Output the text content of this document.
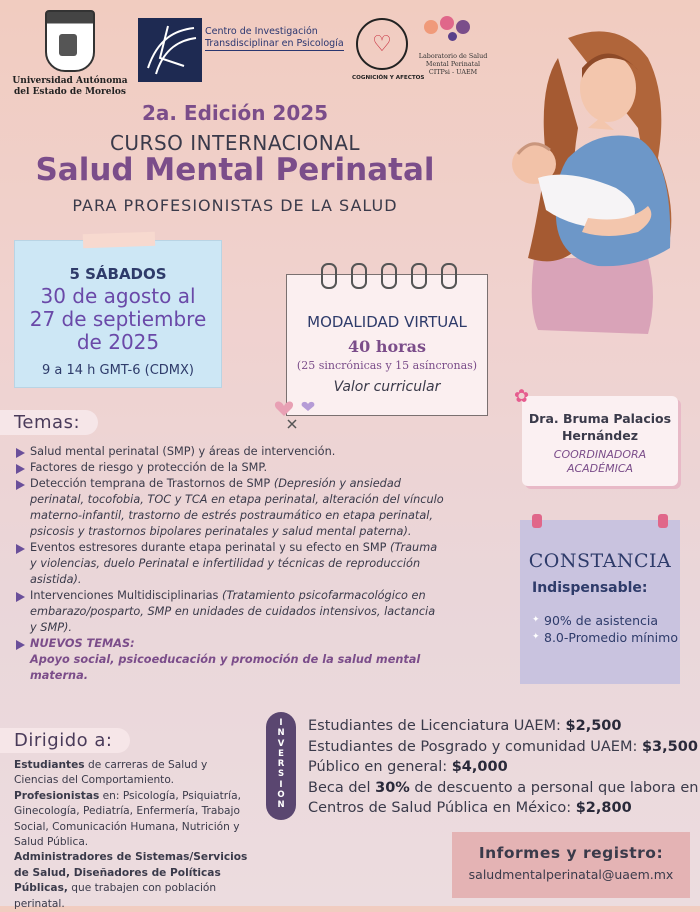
Universidad Autónoma del Estado de Morelos
Centro de Investigación
Transdisciplinar en Psicología	♡
COGNICIÓN Y AFECTOS
Laboratorio de Salud
Mental Perinatal
CITPsi - UAEM
2a. Edición 2025
CURSO INTERNACIONAL
Salud Mental Perinatal
PARA PROFESIONISTAS DE LA SALUD
5 SÁBADOS
30 de agosto al
27 de septiembre
de 2025
9 a 14 h GMT-6 (CDMX)
MODALIDAD VIRTUAL
40 horas
(25 sincrónicas y 15 asíncronas)
Valor curricular	✿
Dra. Bruma Palacios
Hernández
COORDINADORA
ACADÉMICA
Temas:
Salud mental perinatal (SMP) y áreas de intervención.
Factores de riesgo y protección de la SMP.
Detección temprana de Trastornos de SMP (Depresión y ansiedad perinatal, tocofobia, TOC y TCA en etapa perinatal, alteración del vínculo materno-infantil, trastorno de estrés postraumático en etapa perinatal, psicosis y trastornos bipolares perinatales y salud mental paterna).
Eventos estresores durante etapa perinatal y su efecto en SMP (Trauma y violencias, duelo Perinatal e infertilidad y técnicas de reproducción asistida).
Intervenciones Multidisciplinarias (Tratamiento psicofarmacológico en embarazo/posparto, SMP en unidades de cuidados intensivos, lactancia y SMP).
NUEVOS TEMAS:
Apoyo social, psicoeducación y promoción de la salud mental materna.
CONSTANCIA
Indispensable:
✦ 90% de asistencia
✦ 8.0-Promedio mínimo
Dirigido a:
Estudiantes de carreras de Salud y Ciencias del Comportamiento.
Profesionistas en: Psicología, Psiquiatría, Ginecología, Pediatría, Enfermería, Trabajo Social, Comunicación Humana, Nutrición y Salud Pública.
Administradores de Sistemas/Servicios de Salud, Diseñadores de Políticas Públicas, que trabajen con población perinatal.
I
N
V
E
R
S
I
O
N
Estudiantes de Licenciatura UAEM: $2,500
Estudiantes de Posgrado y comunidad UAEM: $3,500
Público en general: $4,000
Beca del 30% de descuento a personal que labora en Centros de Salud Pública en México: $2,800
Informes y registro:
saludmentalperinatal@uaem.mx
